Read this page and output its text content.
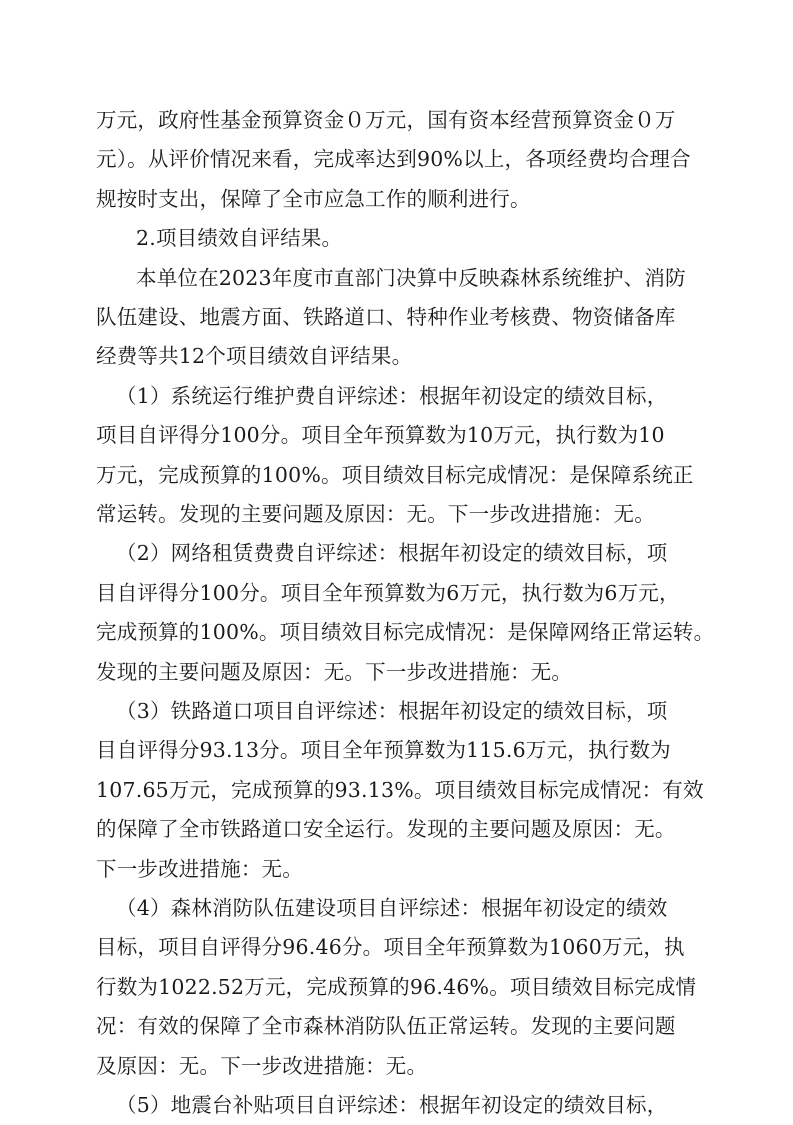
万元，政府性基金预算资金０万元，国有资本经营预算资金０万
元）。从评价情况来看，完成率达到90%以上，各项经费均合理合
规按时支出，保障了全市应急工作的顺利进行。
2.项目绩效自评结果。
本单位在2023年度市直部门决算中反映森林系统维护、消防
队伍建设、地震方面、铁路道口、特种作业考核费、物资储备库
经费等共12个项目绩效自评结果。
（1）系统运行维护费自评综述：根据年初设定的绩效目标，
项目自评得分100分。项目全年预算数为10万元，执行数为10
万元，完成预算的100%。项目绩效目标完成情况：是保障系统正
常运转。发现的主要问题及原因：无。下一步改进措施：无。
（2）网络租赁费费自评综述：根据年初设定的绩效目标，项
目自评得分100分。项目全年预算数为6万元，执行数为6万元，
完成预算的100%。项目绩效目标完成情况：是保障网络正常运转。
发现的主要问题及原因：无。下一步改进措施：无。
（3）铁路道口项目自评综述：根据年初设定的绩效目标，项
目自评得分93.13分。项目全年预算数为115.6万元，执行数为
107.65万元，完成预算的93.13%。项目绩效目标完成情况：有效
的保障了全市铁路道口安全运行。发现的主要问题及原因：无。
下一步改进措施：无。
（4）森林消防队伍建设项目自评综述：根据年初设定的绩效
目标，项目自评得分96.46分。项目全年预算数为1060万元，执
行数为1022.52万元，完成预算的96.46%。项目绩效目标完成情
况：有效的保障了全市森林消防队伍正常运转。发现的主要问题
及原因：无。下一步改进措施：无。
（5）地震台补贴项目自评综述：根据年初设定的绩效目标，
